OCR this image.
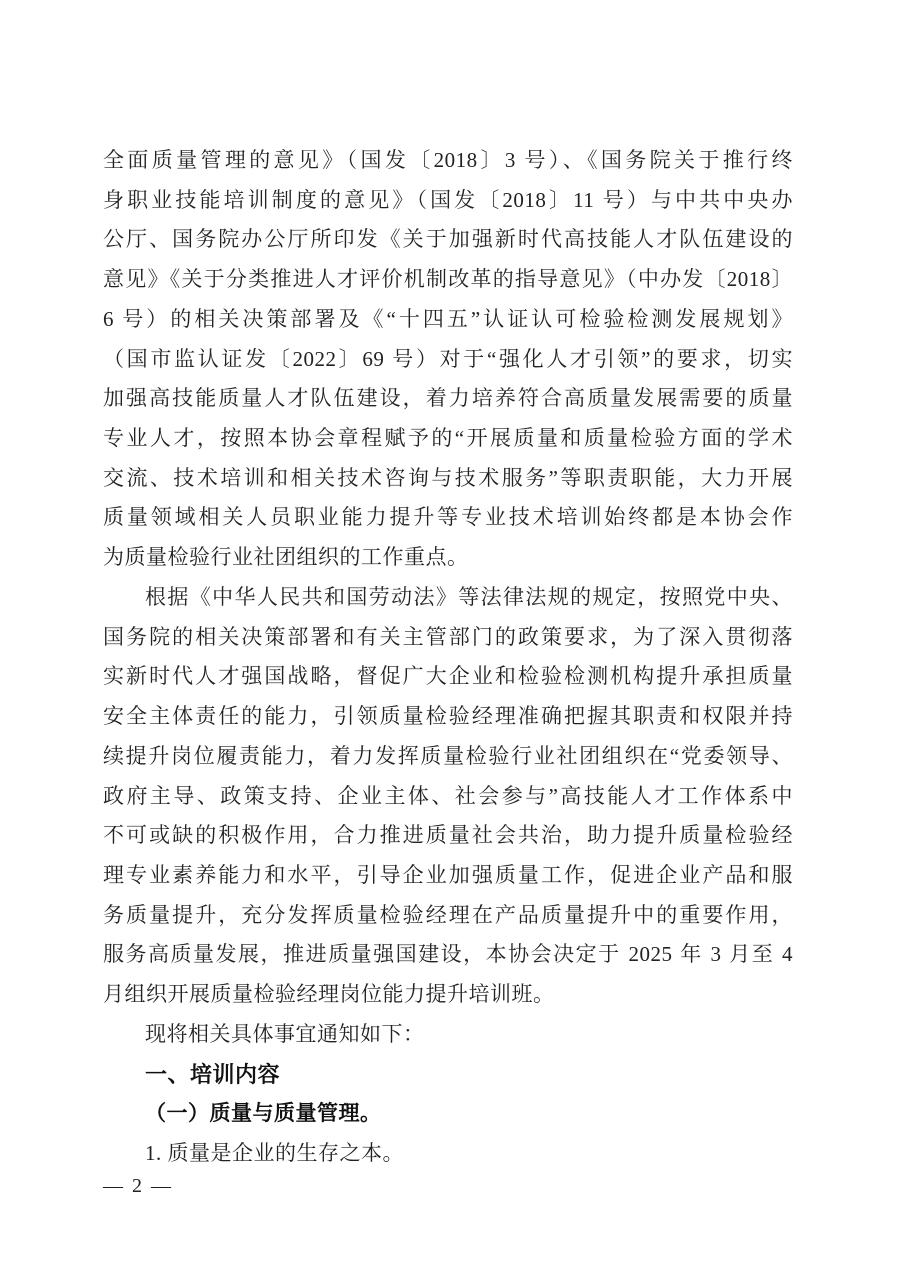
全面质量管理的意见》（国发〔2018〕3 号）、《国务院关于推行终
身职业技能培训制度的意见》（国发〔2018〕11 号）与中共中央办
公厅、国务院办公厅所印发《关于加强新时代高技能人才队伍建设的
意见》《关于分类推进人才评价机制改革的指导意见》（中办发〔2018〕
6 号）的相关决策部署及《“十四五”认证认可检验检测发展规划》
（国市监认证发〔2022〕69 号）对于“强化人才引领”的要求，切实
加强高技能质量人才队伍建设，着力培养符合高质量发展需要的质量
专业人才，按照本协会章程赋予的“开展质量和质量检验方面的学术
交流、技术培训和相关技术咨询与技术服务”等职责职能，大力开展
质量领域相关人员职业能力提升等专业技术培训始终都是本协会作
为质量检验行业社团组织的工作重点。
根据《中华人民共和国劳动法》等法律法规的规定，按照党中央、
国务院的相关决策部署和有关主管部门的政策要求，为了深入贯彻落
实新时代人才强国战略，督促广大企业和检验检测机构提升承担质量
安全主体责任的能力，引领质量检验经理准确把握其职责和权限并持
续提升岗位履责能力，着力发挥质量检验行业社团组织在“党委领导、
政府主导、政策支持、企业主体、社会参与”高技能人才工作体系中
不可或缺的积极作用，合力推进质量社会共治，助力提升质量检验经
理专业素养能力和水平，引导企业加强质量工作，促进企业产品和服
务质量提升，充分发挥质量检验经理在产品质量提升中的重要作用，
服务高质量发展，推进质量强国建设，本协会决定于 2025 年 3 月至 4
月组织开展质量检验经理岗位能力提升培训班。
现将相关具体事宜通知如下：
一、培训内容
（一）质量与质量管理。
1. 质量是企业的生存之本。
— 2 —
